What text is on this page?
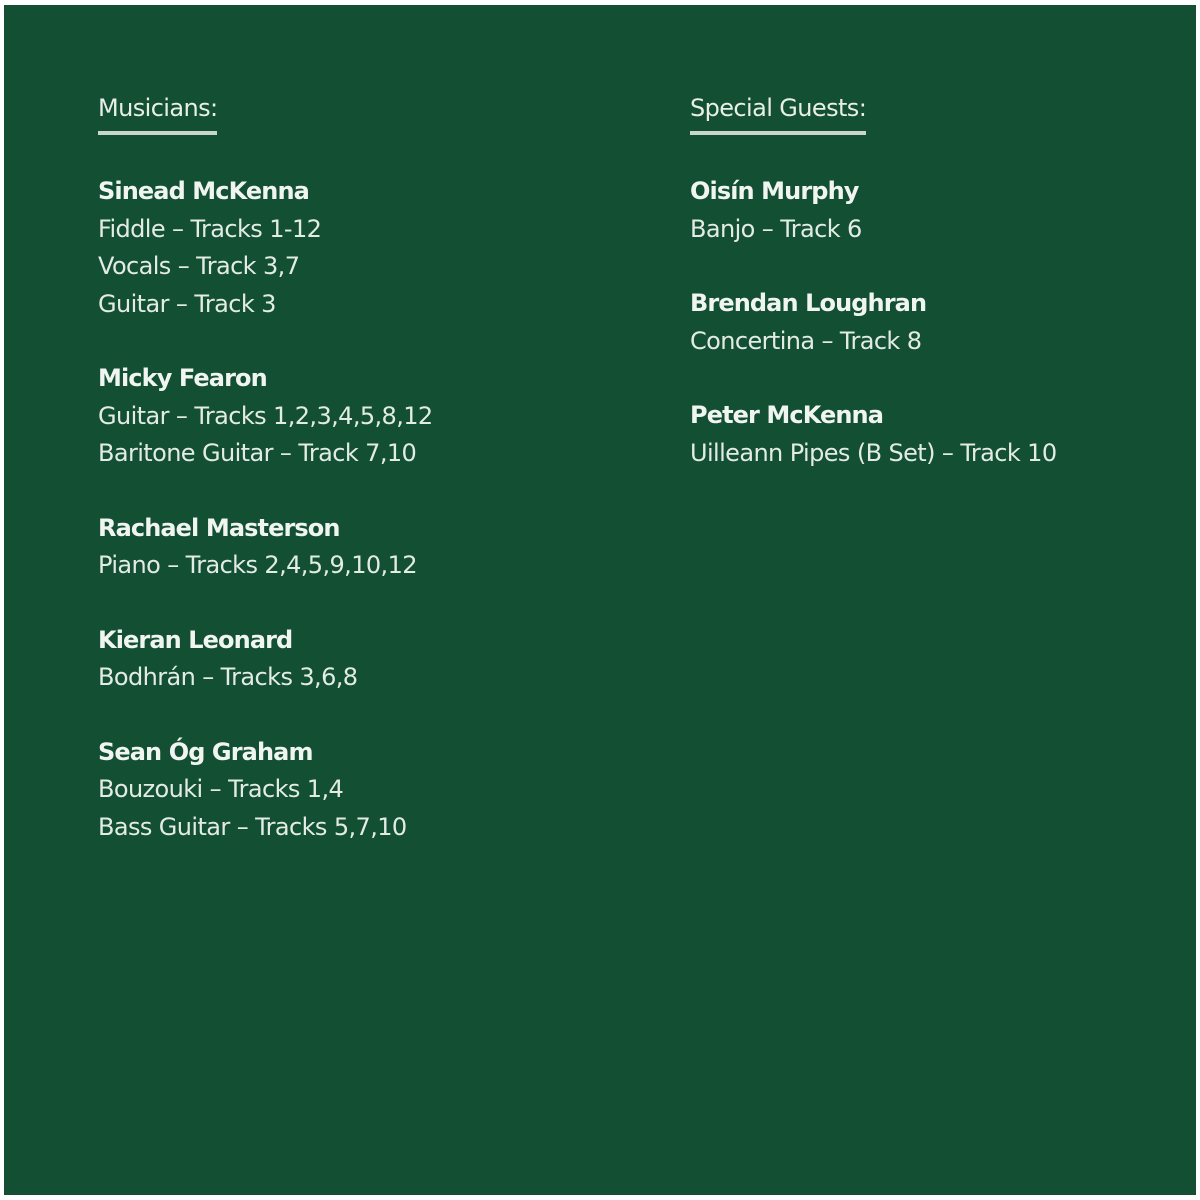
Musicians:
Sinead McKenna
Fiddle – Tracks 1-12
Vocals – Track 3,7
Guitar – Track 3
Micky Fearon
Guitar – Tracks 1,2,3,4,5,8,12
Baritone Guitar – Track 7,10
Rachael Masterson
Piano – Tracks 2,4,5,9,10,12
Kieran Leonard
Bodhrán – Tracks 3,6,8
Sean Óg Graham
Bouzouki – Tracks 1,4
Bass Guitar – Tracks 5,7,10
Special Guests:
Oisín Murphy
Banjo – Track 6
Brendan Loughran
Concertina – Track 8
Peter McKenna
Uilleann Pipes (B Set) – Track 10
